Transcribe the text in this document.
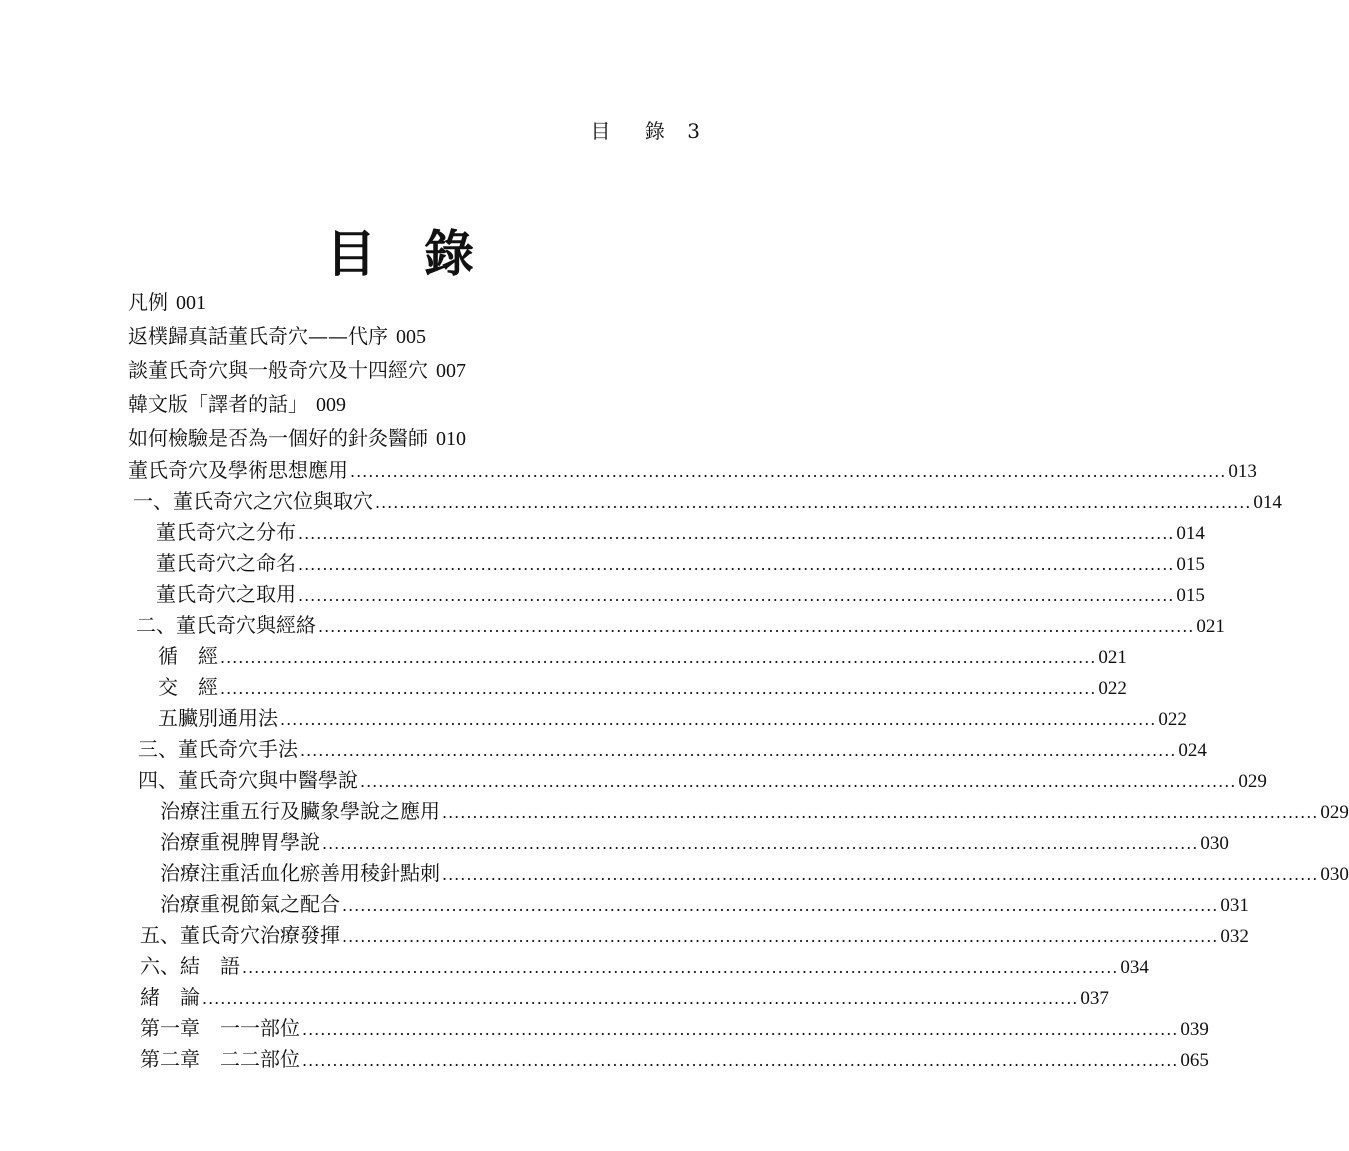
目 錄 3
目錄
凡例 001
返樸歸真話董氏奇穴——代序 005
談董氏奇穴與一般奇穴及十四經穴 007
韓文版「譯者的話」 009
如何檢驗是否為一個好的針灸醫師 010
董氏奇穴及學術思想應用 ................................................................................................................................................ 013
一、董氏奇穴之穴位與取穴 ................................................................................................................................................ 014
董氏奇穴之分布 ................................................................................................................................................ 014
董氏奇穴之命名 ................................................................................................................................................ 015
董氏奇穴之取用 ................................................................................................................................................ 015
二、董氏奇穴與經絡 ................................................................................................................................................ 021
循　經 ................................................................................................................................................ 021
交　經 ................................................................................................................................................ 022
五臟別通用法 ................................................................................................................................................ 022
三、董氏奇穴手法 ................................................................................................................................................ 024
四、董氏奇穴與中醫學說 ................................................................................................................................................ 029
治療注重五行及臟象學說之應用 ................................................................................................................................................ 029
治療重視脾胃學說 ................................................................................................................................................ 030
治療注重活血化瘀善用稜針點刺 ................................................................................................................................................ 030
治療重視節氣之配合 ................................................................................................................................................ 031
五、董氏奇穴治療發揮 ................................................................................................................................................ 032
六、結　語 ................................................................................................................................................ 034
緒　論 ................................................................................................................................................ 037
第一章　一一部位 ................................................................................................................................................ 039
第二章　二二部位 ................................................................................................................................................ 065
